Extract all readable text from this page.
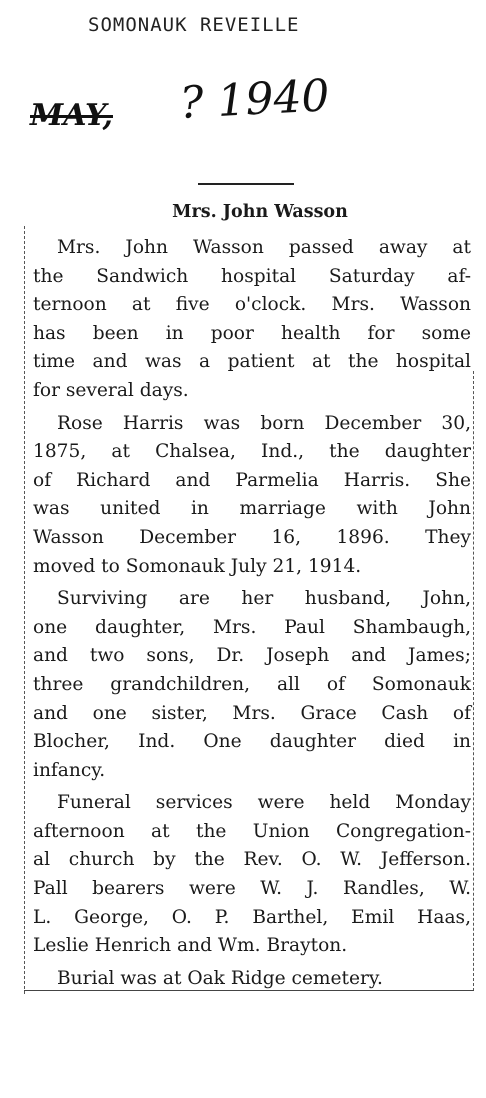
SOMONAUK REVEILLE
MAY, ? 1940
Mrs. John Wasson
Mrs. John Wasson passed away at
the Sandwich hospital Saturday af-
ternoon at five o'clock. Mrs. Wasson
has been in poor health for some
time and was a patient at the hospital
for several days.
Rose Harris was born December 30,
1875, at Chalsea, Ind., the daughter
of Richard and Parmelia Harris. She
was united in marriage with John
Wasson December 16, 1896. They
moved to Somonauk July 21, 1914.
Surviving are her husband, John,
one daughter, Mrs. Paul Shambaugh,
and two sons, Dr. Joseph and James;
three grandchildren, all of Somonauk
and one sister, Mrs. Grace Cash of
Blocher, Ind. One daughter died in
infancy.
Funeral services were held Monday
afternoon at the Union Congregation-
al church by the Rev. O. W. Jefferson.
Pall bearers were W. J. Randles, W.
L. George, O. P. Barthel, Emil Haas,
Leslie Henrich and Wm. Brayton.
Burial was at Oak Ridge cemetery.
